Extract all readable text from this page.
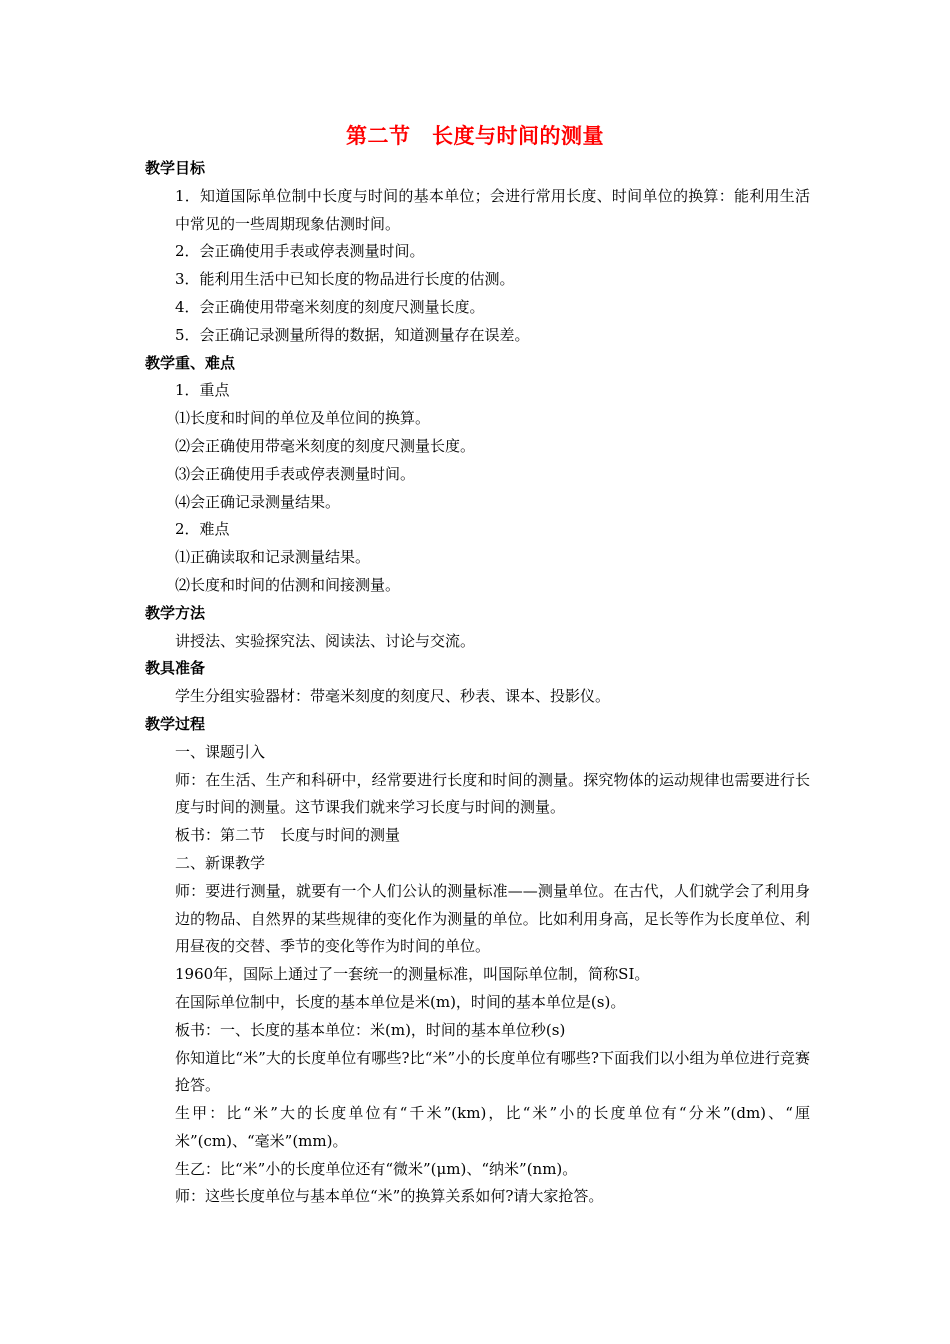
第二节　长度与时间的测量
教学目标
1．知道国际单位制中长度与时间的基本单位；会进行常用长度、时间单位的换算：能利用生活中常见的一些周期现象估测时间。
2．会正确使用手表或停表测量时间。
3．能利用生活中已知长度的物品进行长度的估测。
4．会正确使用带毫米刻度的刻度尺测量长度。
5．会正确记录测量所得的数据，知道测量存在误差。
教学重、难点
1．重点
⑴长度和时间的单位及单位间的换算。
⑵会正确使用带毫米刻度的刻度尺测量长度。
⑶会正确使用手表或停表测量时间。
⑷会正确记录测量结果。
2．难点
⑴正确读取和记录测量结果。
⑵长度和时间的估测和间接测量。
教学方法
讲授法、实验探究法、阅读法、讨论与交流。
教具准备
学生分组实验器材：带毫米刻度的刻度尺、秒表、课本、投影仪。
教学过程
一、课题引入
师：在生活、生产和科研中，经常要进行长度和时间的测量。探究物体的运动规律也需要进行长度与时间的测量。这节课我们就来学习长度与时间的测量。
板书：第二节　长度与时间的测量
二、新课教学
师：要进行测量，就要有一个人们公认的测量标准——测量单位。在古代，人们就学会了利用身边的物品、自然界的某些规律的变化作为测量的单位。比如利用身高，足长等作为长度单位、利用昼夜的交替、季节的变化等作为时间的单位。
1960年，国际上通过了一套统一的测量标准，叫国际单位制，简称SI。
在国际单位制中，长度的基本单位是米(m)，时间的基本单位是(s)。
板书：一、长度的基本单位：米(m)，时间的基本单位秒(s)
你知道比“米”大的长度单位有哪些?比“米”小的长度单位有哪些?下面我们以小组为单位进行竞赛抢答。
生甲：比“米”大的长度单位有“千米”(km)，比“米”小的长度单位有“分米”(dm)、“厘米”(cm)、“毫米”(mm)。
生乙：比“米”小的长度单位还有“微米”(μm)、“纳米”(nm)。
师：这些长度单位与基本单位“米”的换算关系如何?请大家抢答。
